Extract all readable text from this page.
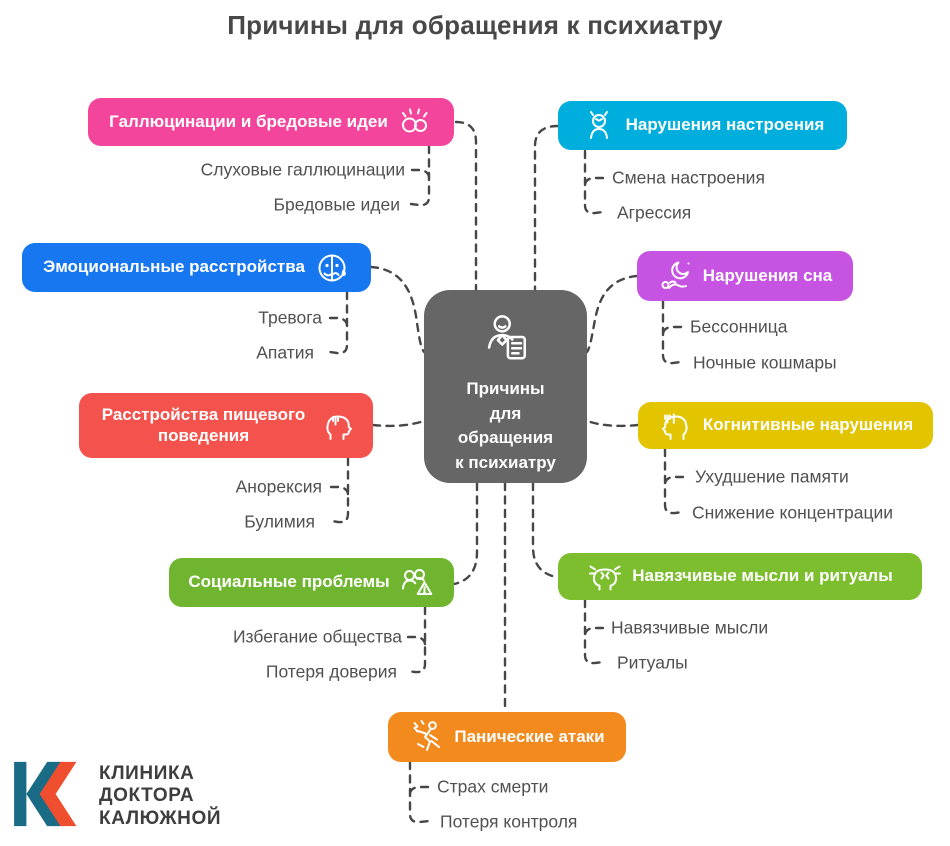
Причины для обращения к психиатру
Причины
для
обращения
к психиатру
Галлюцинации и бредовые идеи
Слуховые галлюцинации
Бредовые идеи
Эмоциональные расстройства
Тревога
Апатия
Расстройства пищевого поведения
Анорексия
Булимия
Социальные проблемы
Избегание общества
Потеря доверия
Нарушения настроения
Смена настроения
Агрессия
Нарушения сна
Бессонница
Ночные кошмары
Когнитивные нарушения
Ухудшение памяти
Снижение концентрации
Навязчивые мысли и ритуалы
Навязчивые мысли
Ритуалы
Панические атаки
Страх смерти
Потеря контроля
КЛИНИКА
ДОКТОРА
КАЛЮЖНОЙ
